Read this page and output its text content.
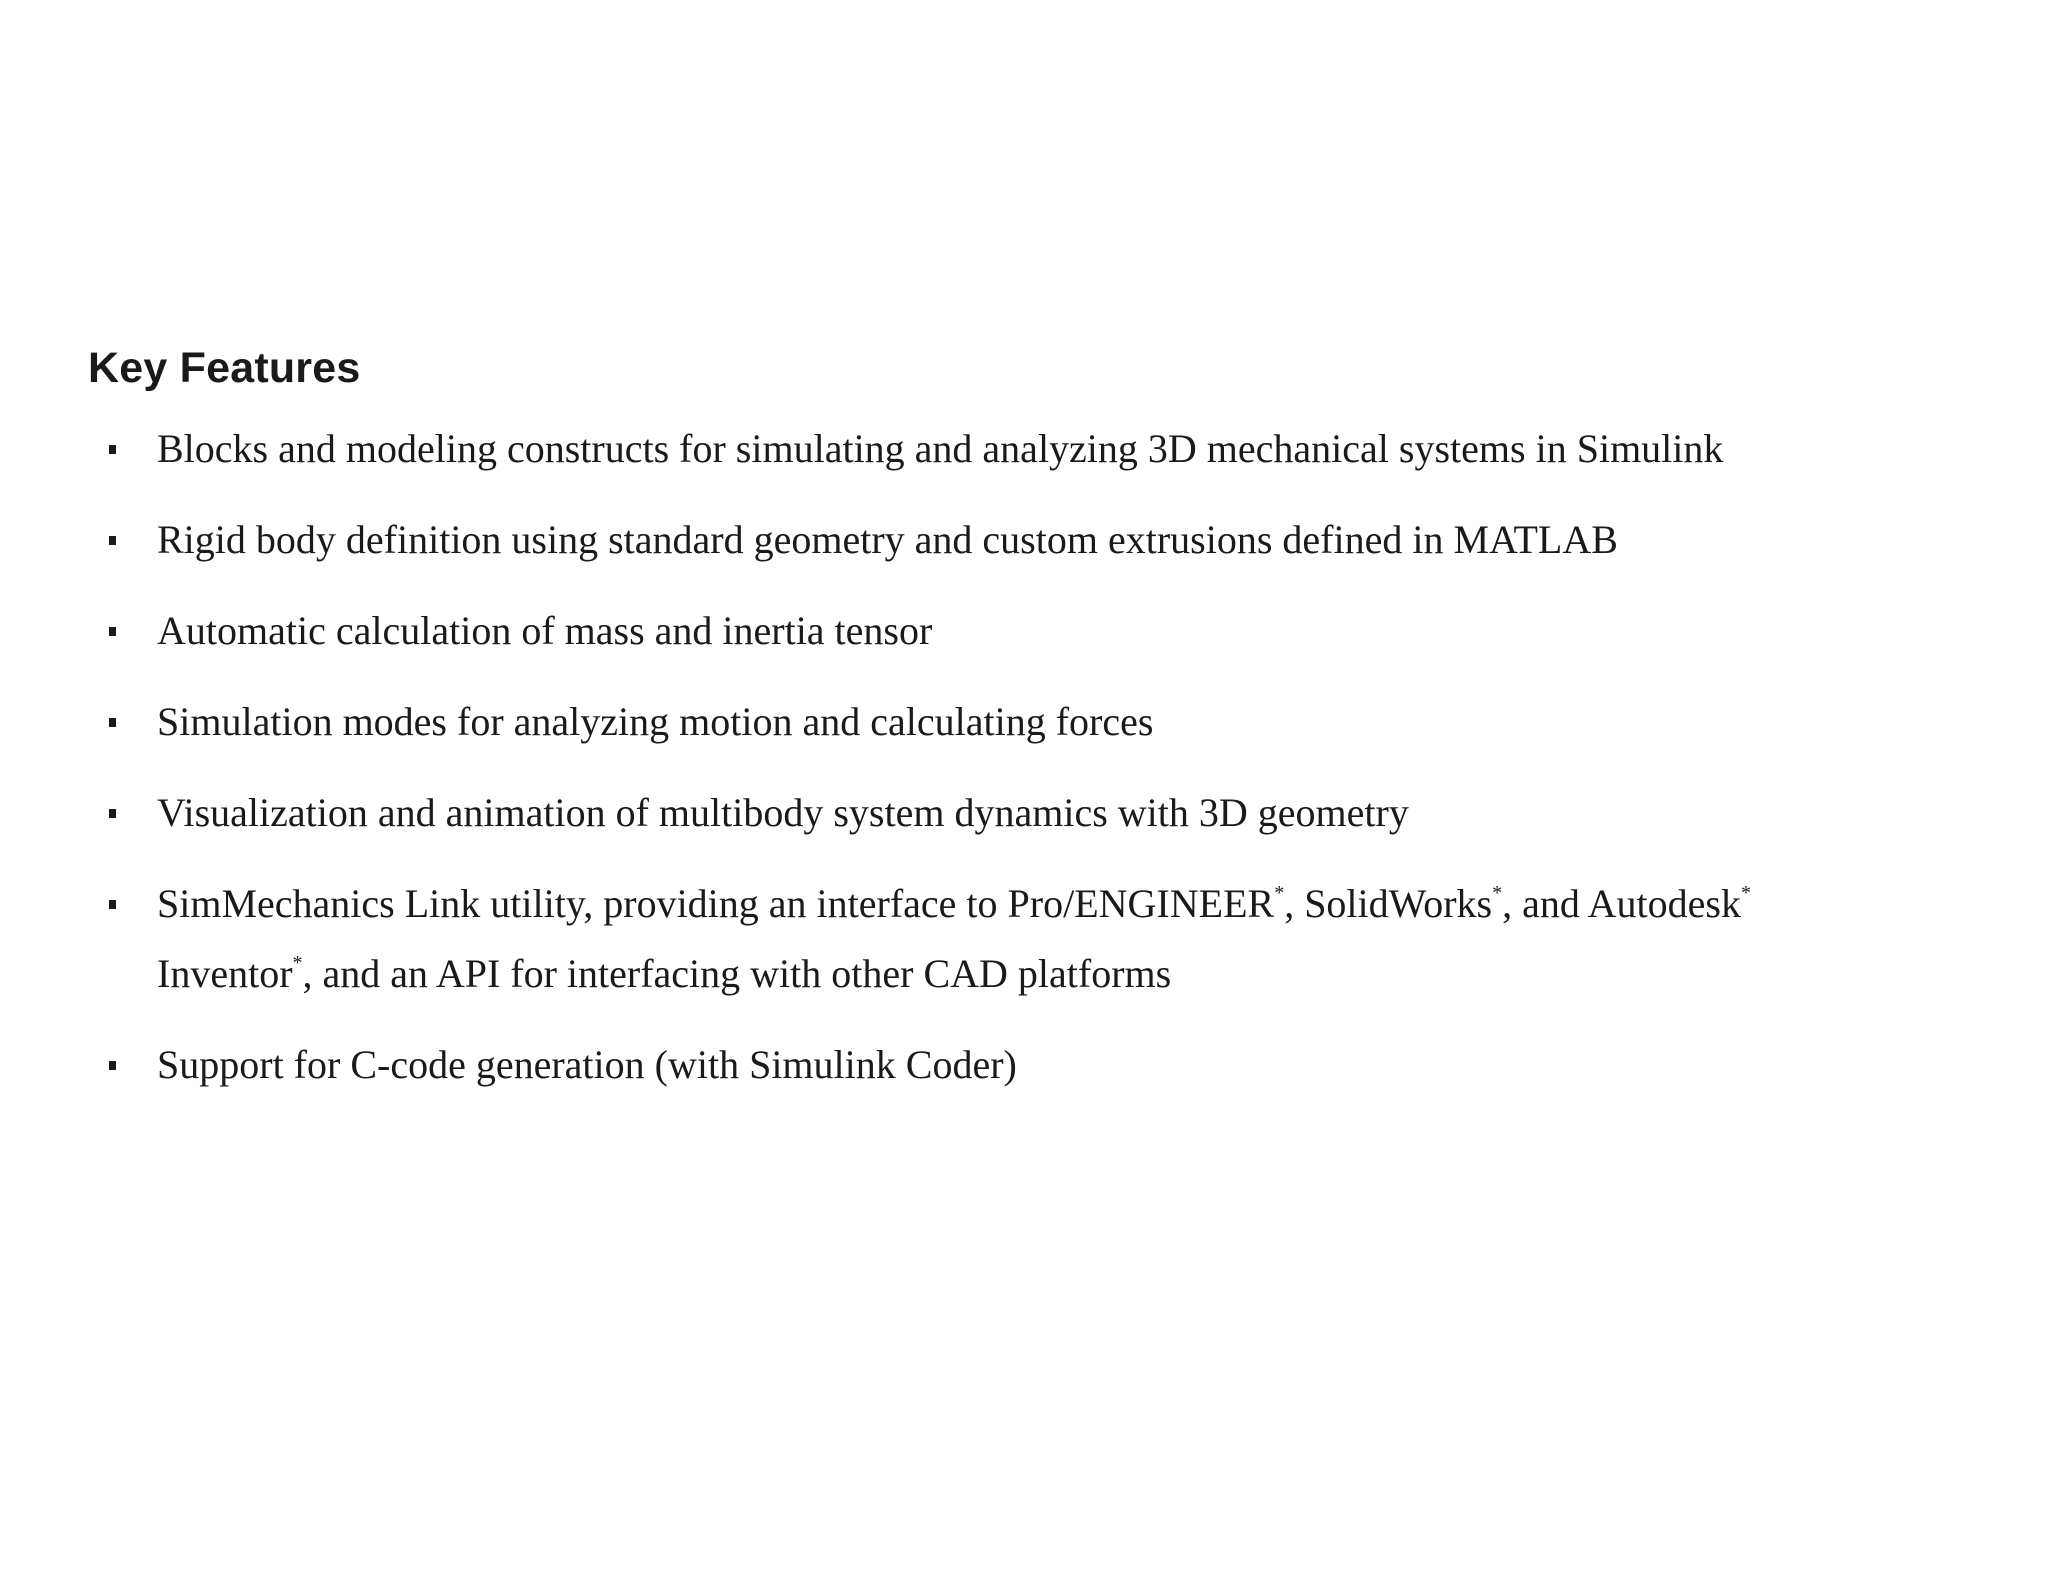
Key Features
Blocks and modeling constructs for simulating and analyzing 3D mechanical systems in Simulink
Rigid body definition using standard geometry and custom extrusions defined in MATLAB
Automatic calculation of mass and inertia tensor
Simulation modes for analyzing motion and calculating forces
Visualization and animation of multibody system dynamics with 3D geometry
SimMechanics Link utility, providing an interface to Pro/ENGINEER*, SolidWorks*, and Autodesk*
Inventor*, and an API for interfacing with other CAD platforms
Support for C-code generation (with Simulink Coder)
